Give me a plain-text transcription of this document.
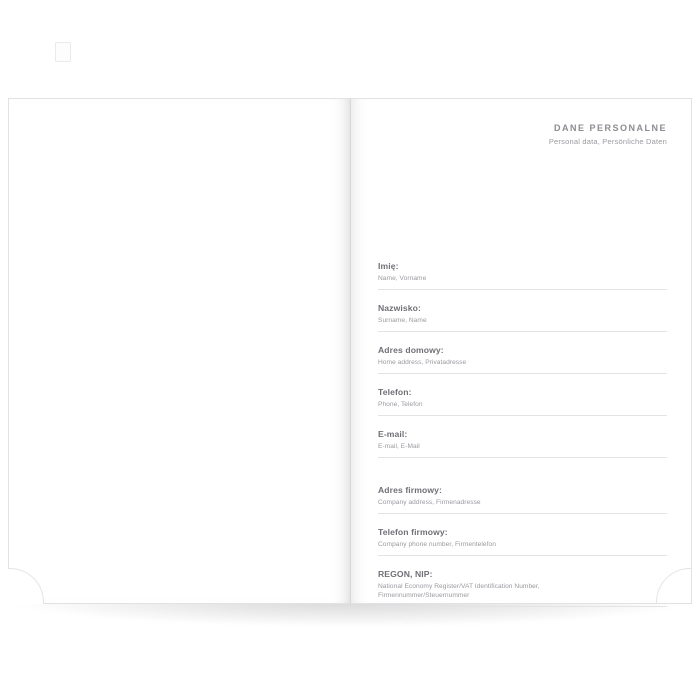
DANE PERSONALNE
Personal data, Persönliche Daten
Imię:
Name, Vorname
Nazwisko:
Surname, Name
Adres domowy:
Home address, Privatadresse
Telefon:
Phone, Telefon
E-mail:
E-mail, E-Mail
Adres firmowy:
Company address, Firmenadresse
Telefon firmowy:
Company phone number, Firmentelefon
REGON, NIP:
National Economy Register/VAT Identification Number,
Firmennummer/Steuernummer
